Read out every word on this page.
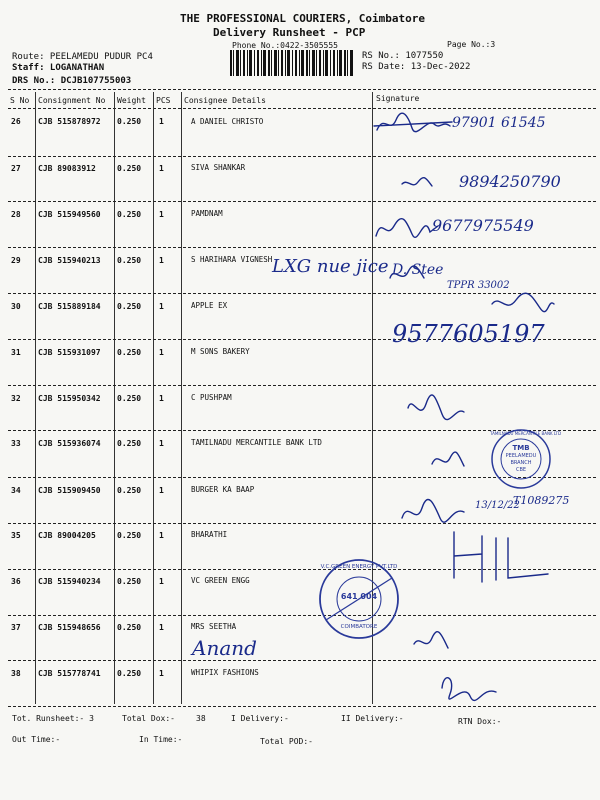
THE PROFESSIONAL COURIERS, Coimbatore
Delivery Runsheet - PCP
Phone No.:0422-3505555	Page No.:3
Route: PEELAMEDU PUDUR PC4
Staff: LOGANATHAN
DRS No.: DCJB107755003
RS No.: 1077550
RS Date: 13-Dec-2022
S No Consignment No Weight PCS Consignee Details	Signature
26 CJB 515878972 0.250 1	A DANIEL CHRISTO
27 CJB 89083912	0.250 1	SIVA SHANKAR
28 CJB 515949560 0.250 1	PAMDNAM
29 CJB 515940213 0.250 1	S HARIHARA VIGNESH
30 CJB 515889184 0.250 1	APPLE EX
31 CJB 515931097 0.250 1	M SONS BAKERY
32 CJB 515950342 0.250 1	C PUSHPAM
33 CJB 515936074 0.250 1	TAMILNADU MERCANTILE BANK LTD
34 CJB 515909450 0.250 1	BURGER KA BAAP
35 CJB 89004205	0.250 1	BHARATHI
36 CJB 515940234 0.250 1	VC GREEN ENGG
37 CJB 515948656 0.250 1	MRS SEETHA
38 CJB 515778741 0.250 1	WHIPIX FASHIONS
97901 61545
9894250790
9677975549
LXG nue jice D. Stee
TPPR 33002
9577605197
13/12/22
T1089275
Anand
TAMILNADU MERCANTILE BANK LTD
TMB
PEELAMEDU
BRANCH
CBE
V.C.GREEN ENERGY PVT.LTD
641 004
COIMBATORE
Tot. Runsheet:- 3	Total Dox:-	38	I Delivery:-	II Delivery:-	RTN Dox:-
Out Time:-	In Time:-	Total POD:-
